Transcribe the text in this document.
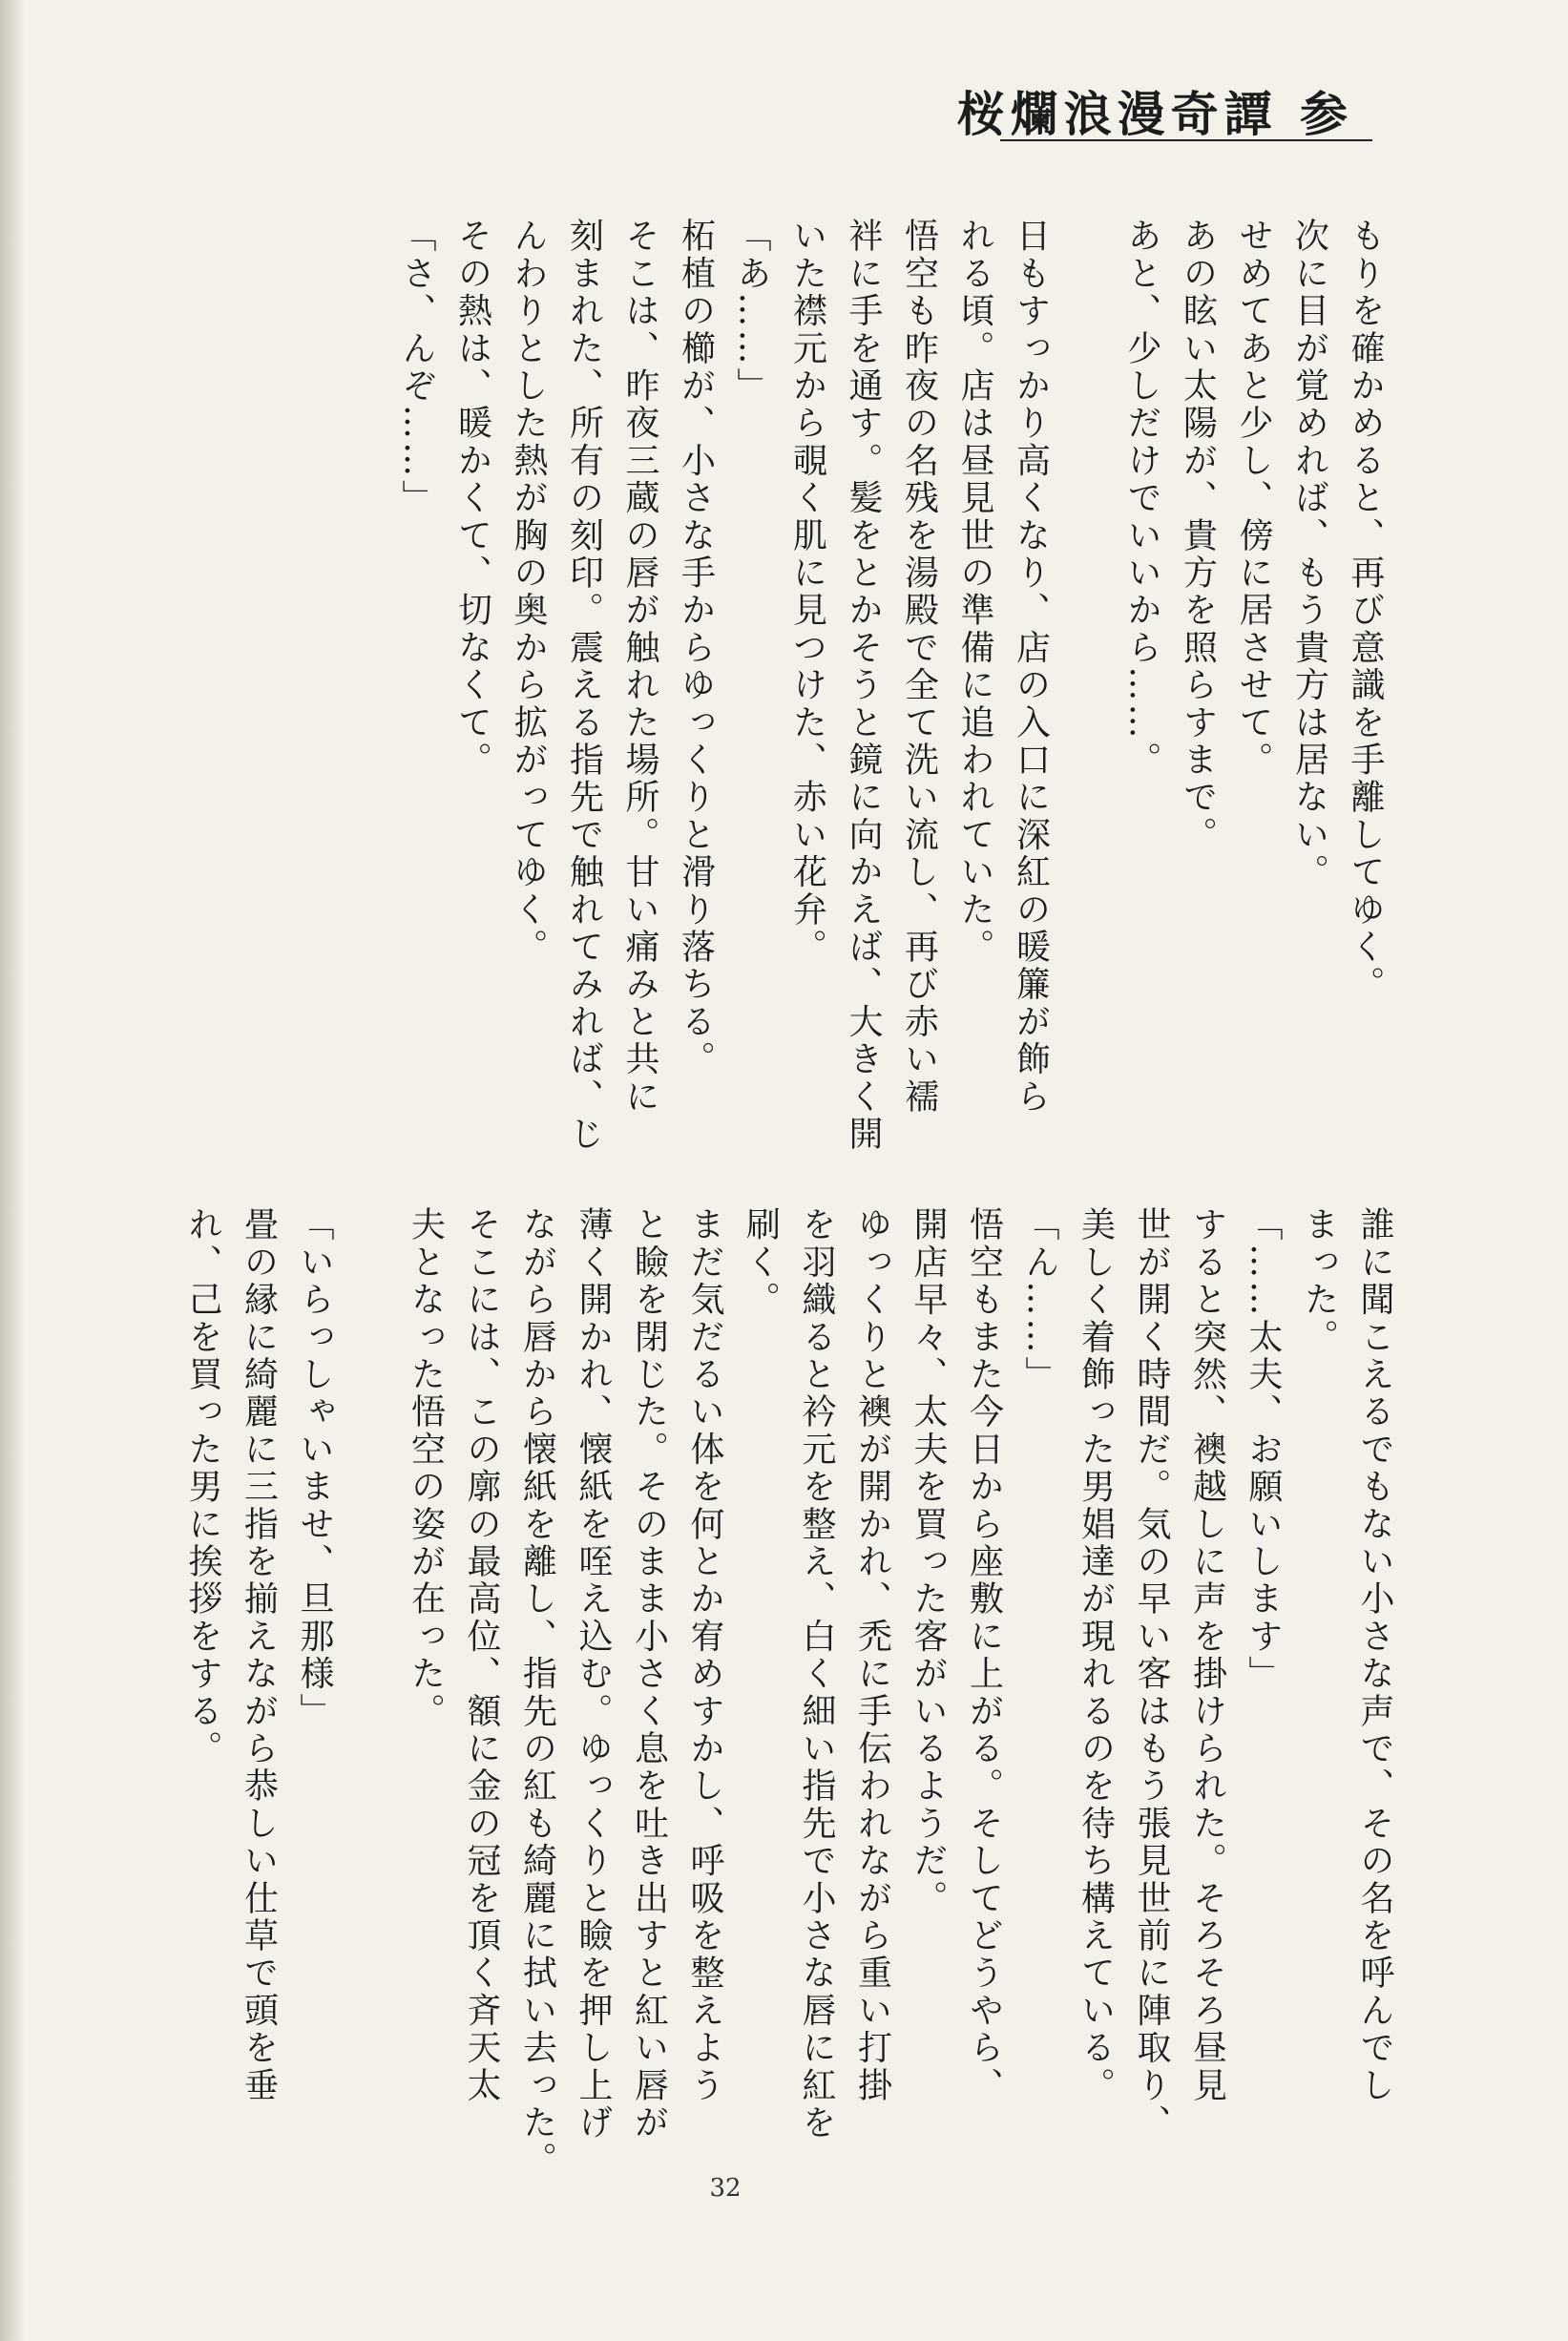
桜爛浪漫奇譚 参
もりを確かめると、再び意識を手離してゆく。
次に目が覚めれば、もう貴方は居ない。
せめてあと少し、傍に居させて。
あの眩い太陽が、貴方を照らすまで。
あと、少しだけでいいから……。
日もすっかり高くなり、店の入口に深紅の暖簾が飾ら
れる頃。店は昼見世の準備に追われていた。
悟空も昨夜の名残を湯殿で全て洗い流し、再び赤い襦
袢に手を通す。髪をとかそうと鏡に向かえば、大きく開
いた襟元から覗く肌に見つけた、赤い花弁。
「あ……」
柘植の櫛が、小さな手からゆっくりと滑り落ちる。
そこは、昨夜三蔵の唇が触れた場所。甘い痛みと共に
刻まれた、所有の刻印。震える指先で触れてみれば、じ
んわりとした熱が胸の奥から拡がってゆく。
その熱は、暖かくて、切なくて。
「さ、んぞ……」
誰に聞こえるでもない小さな声で、その名を呼んでし
まった。
「……太夫、お願いします」
すると突然、襖越しに声を掛けられた。そろそろ昼見
世が開く時間だ。気の早い客はもう張見世前に陣取り、
美しく着飾った男娼達が現れるのを待ち構えている。
「ん……」
悟空もまた今日から座敷に上がる。そしてどうやら、
開店早々、太夫を買った客がいるようだ。
ゆっくりと襖が開かれ、禿に手伝われながら重い打掛
を羽織ると衿元を整え、白く細い指先で小さな唇に紅を
刷く。
まだ気だるい体を何とか宥めすかし、呼吸を整えよう
と瞼を閉じた。そのまま小さく息を吐き出すと紅い唇が
薄く開かれ、懐紙を咥え込む。ゆっくりと瞼を押し上げ
ながら唇から懐紙を離し、指先の紅も綺麗に拭い去った。
そこには、この廓の最高位、額に金の冠を頂く斉天太
夫となった悟空の姿が在った。
「いらっしゃいませ、旦那様」
畳の縁に綺麗に三指を揃えながら恭しい仕草で頭を垂
れ、己を買った男に挨拶をする。
32
